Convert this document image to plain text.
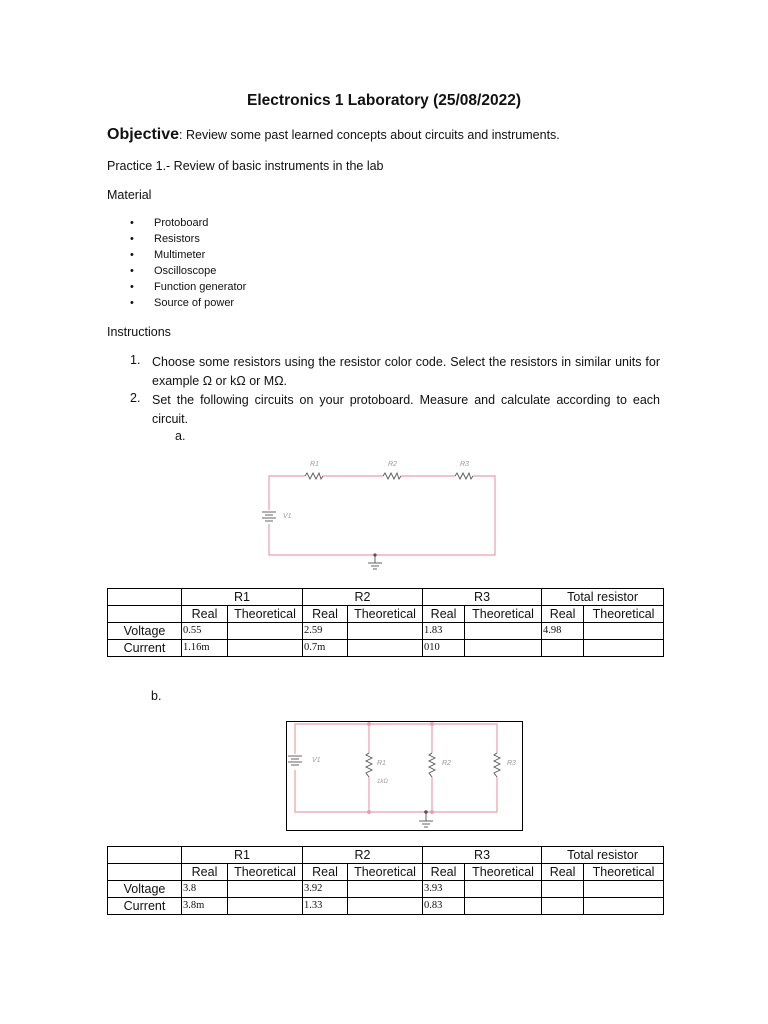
Electronics 1 Laboratory (25/08/2022)
Objective: Review some past learned concepts about circuits and instruments.
Practice 1.- Review of basic instruments in the lab
Material
• Protoboard
• Resistors
• Multimeter
• Oscilloscope
• Function generator
• Source of power
Instructions
1. Choose some resistors using the resistor color code. Select the resistors in similar units for example Ω or kΩ or MΩ.
2. Set the following circuits on your protoboard. Measure and calculate according to each circuit.
a.
R1	R2	R3
V1
	R1		R2		R3		Total resistor	
	Real	Theoretical	Real	Theoretical	Real	Theoretical	Real	Theoretical
Voltage	0.55		2.59		1.83		4.98	
Current	1.16m		0.7m		010			
b.
V1	R1
1kΩ
R2	R3
	R1		R2		R3		Total resistor	
	Real	Theoretical	Real	Theoretical	Real	Theoretical	Real	Theoretical
Voltage	3.8		3.92		3.93			
Current	3.8m		1.33		0.83			
